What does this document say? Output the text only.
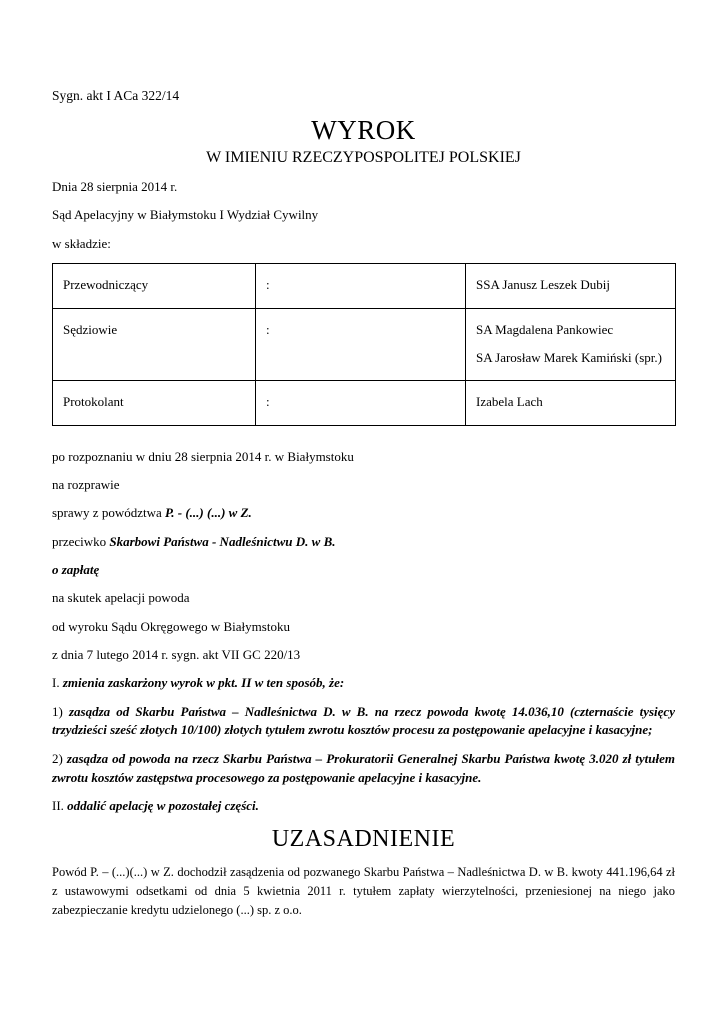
Sygn. akt I ACa 322/14

WYROK
W IMIENIU RZECZYPOSPOLITEJ POLSKIEJ

Dnia 28 sierpnia 2014 r.

Sąd Apelacyjny w Białymstoku I Wydział Cywilny

w składzie:

Przewodniczący	:	SSA Janusz Leszek Dubij

Sędziowie	:	SA Magdalena Pankowiec
SA Jarosław Marek Kamiński (spr.)

Protokolant	:	Izabela Lach

po rozpoznaniu w dniu 28 sierpnia 2014 r. w Białymstoku

na rozprawie

sprawy z powództwa P. - (...) (...) w Z.

przeciwko Skarbowi Państwa - Nadleśnictwu D. w B.

o zapłatę

na skutek apelacji powoda

od wyroku Sądu Okręgowego w Białymstoku

z dnia 7 lutego 2014 r. sygn. akt VII GC 220/13

I. zmienia zaskarżony wyrok w pkt. II w ten sposób, że:

1) zasądza od Skarbu Państwa – Nadleśnictwa D. w B. na rzecz powoda kwotę 14.036,10 (czternaście tysięcy trzydzieści sześć złotych 10/100) złotych tytułem zwrotu kosztów procesu za postępowanie apelacyjne i kasacyjne;

2) zasądza od powoda na rzecz Skarbu Państwa – Prokuratorii Generalnej Skarbu Państwa kwotę 3.020 zł tytułem zwrotu kosztów zastępstwa procesowego za postępowanie apelacyjne i kasacyjne.

II. oddalić apelację w pozostałej części.

UZASADNIENIE

Powód P. – (...)(...) w Z. dochodził zasądzenia od pozwanego Skarbu Państwa – Nadleśnictwa D. w B. kwoty 441.196,64 zł z ustawowymi odsetkami od dnia 5 kwietnia 2011 r. tytułem zapłaty wierzytelności, przeniesionej na niego jako zabezpieczanie kredytu udzielonego (...) sp. z o.o.
